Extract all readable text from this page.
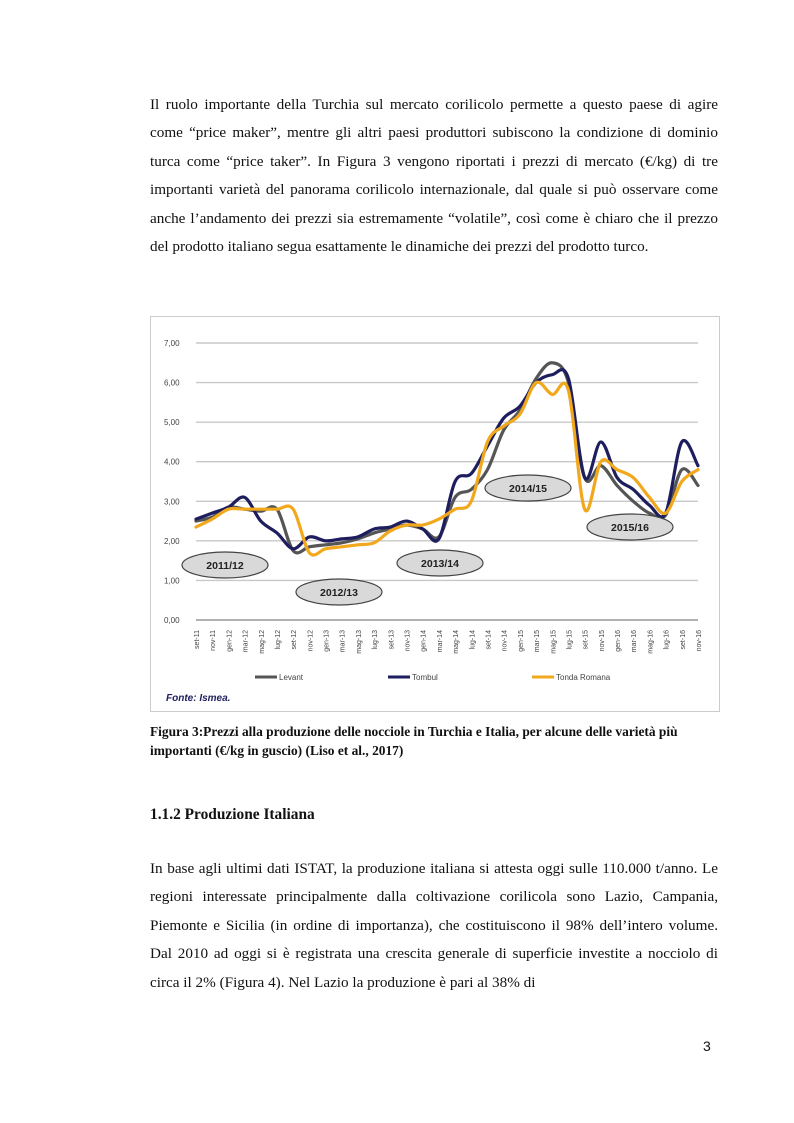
Il ruolo importante della Turchia sul mercato corilicolo permette a questo paese di agire come “price maker”, mentre gli altri paesi produttori subiscono la condizione di dominio turca come “price taker”. In Figura 3 vengono riportati i prezzi di mercato (€/kg) di tre importanti varietà del panorama corilicolo internazionale, dal quale si può osservare come anche l’andamento dei prezzi sia estremamente “volatile”, così come è chiaro che il prezzo del prodotto italiano segua esattamente le dinamiche dei prezzi del prodotto turco.

0,00
1,00
2,00
3,00
4,00
5,00
6,00
7,00
set-11 nov-11 gen-12 mar-12 mag-12 lug-12 set-12 nov-12 gen-13 mar-13 mag-13 lug-13 set-13 nov-13 gen-14 mar-14 mag-14 lug-14 set-14 nov-14 gen-15 mar-15 mag-15 lug-15 set-15 nov-15 gen-16 mar-16 mag-16 lug-16 set-16 nov-16
2011/12
2012/13
2013/14
2014/15
2015/16
Levant	Tombul	Tonda Romana
Fonte: Ismea.

Figura 3:Prezzi alla produzione delle nocciole in Turchia e Italia, per alcune delle varietà più importanti (€/kg in guscio) (Liso et al., 2017)

1.1.2 Produzione Italiana

In base agli ultimi dati ISTAT, la produzione italiana si attesta oggi sulle 110.000 t/anno. Le regioni interessate principalmente dalla coltivazione corilicola sono Lazio, Campania, Piemonte e Sicilia (in ordine di importanza), che costituiscono il 98% dell’intero volume. Dal 2010 ad oggi si è registrata una crescita generale di superficie investite a nocciolo di circa il 2% (Figura 4). Nel Lazio la produzione è pari al 38% di

3
